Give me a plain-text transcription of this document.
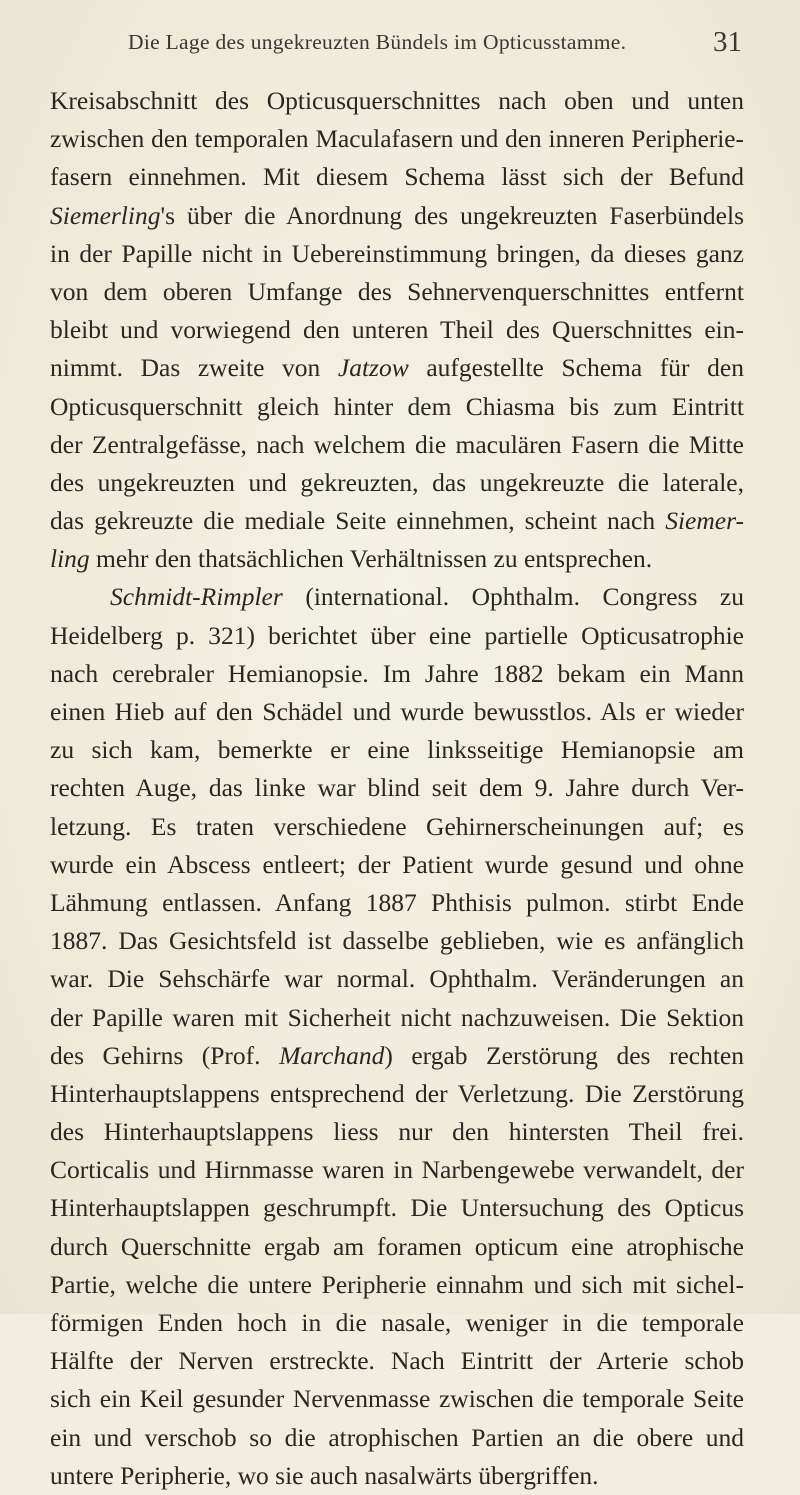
Die Lage des ungekreuzten Bündels im Opticusstamme.	31
Kreisabschnitt des Opticusquerschnittes nach oben und unten
zwischen den temporalen Maculafasern und den inneren Peripherie-
fasern einnehmen. Mit diesem Schema lässt sich der Befund
Siemerling's über die Anordnung des ungekreuzten Faserbündels
in der Papille nicht in Uebereinstimmung bringen, da dieses ganz
von dem oberen Umfange des Sehnervenquerschnittes entfernt
bleibt und vorwiegend den unteren Theil des Querschnittes ein-
nimmt. Das zweite von Jatzow aufgestellte Schema für den
Opticusquerschnitt gleich hinter dem Chiasma bis zum Eintritt
der Zentralgefässe, nach welchem die maculären Fasern die Mitte
des ungekreuzten und gekreuzten, das ungekreuzte die laterale,
das gekreuzte die mediale Seite einnehmen, scheint nach Siemer-
ling mehr den thatsächlichen Verhältnissen zu entsprechen.
Schmidt-Rimpler (international. Ophthalm. Congress zu
Heidelberg p. 321) berichtet über eine partielle Opticusatrophie
nach cerebraler Hemianopsie. Im Jahre 1882 bekam ein Mann
einen Hieb auf den Schädel und wurde bewusstlos. Als er wieder
zu sich kam, bemerkte er eine linksseitige Hemianopsie am
rechten Auge, das linke war blind seit dem 9. Jahre durch Ver-
letzung. Es traten verschiedene Gehirnerscheinungen auf; es
wurde ein Abscess entleert; der Patient wurde gesund und ohne
Lähmung entlassen. Anfang 1887 Phthisis pulmon. stirbt Ende
1887. Das Gesichtsfeld ist dasselbe geblieben, wie es anfänglich
war. Die Sehschärfe war normal. Ophthalm. Veränderungen an
der Papille waren mit Sicherheit nicht nachzuweisen. Die Sektion
des Gehirns (Prof. Marchand) ergab Zerstörung des rechten
Hinterhauptslappens entsprechend der Verletzung. Die Zerstörung
des Hinterhauptslappens liess nur den hintersten Theil frei.
Corticalis und Hirnmasse waren in Narbengewebe verwandelt, der
Hinterhauptslappen geschrumpft. Die Untersuchung des Opticus
durch Querschnitte ergab am foramen opticum eine atrophische
Partie, welche die untere Peripherie einnahm und sich mit sichel-
förmigen Enden hoch in die nasale, weniger in die temporale
Hälfte der Nerven erstreckte. Nach Eintritt der Arterie schob
sich ein Keil gesunder Nervenmasse zwischen die temporale Seite
ein und verschob so die atrophischen Partien an die obere und
untere Peripherie, wo sie auch nasalwärts übergriffen.
